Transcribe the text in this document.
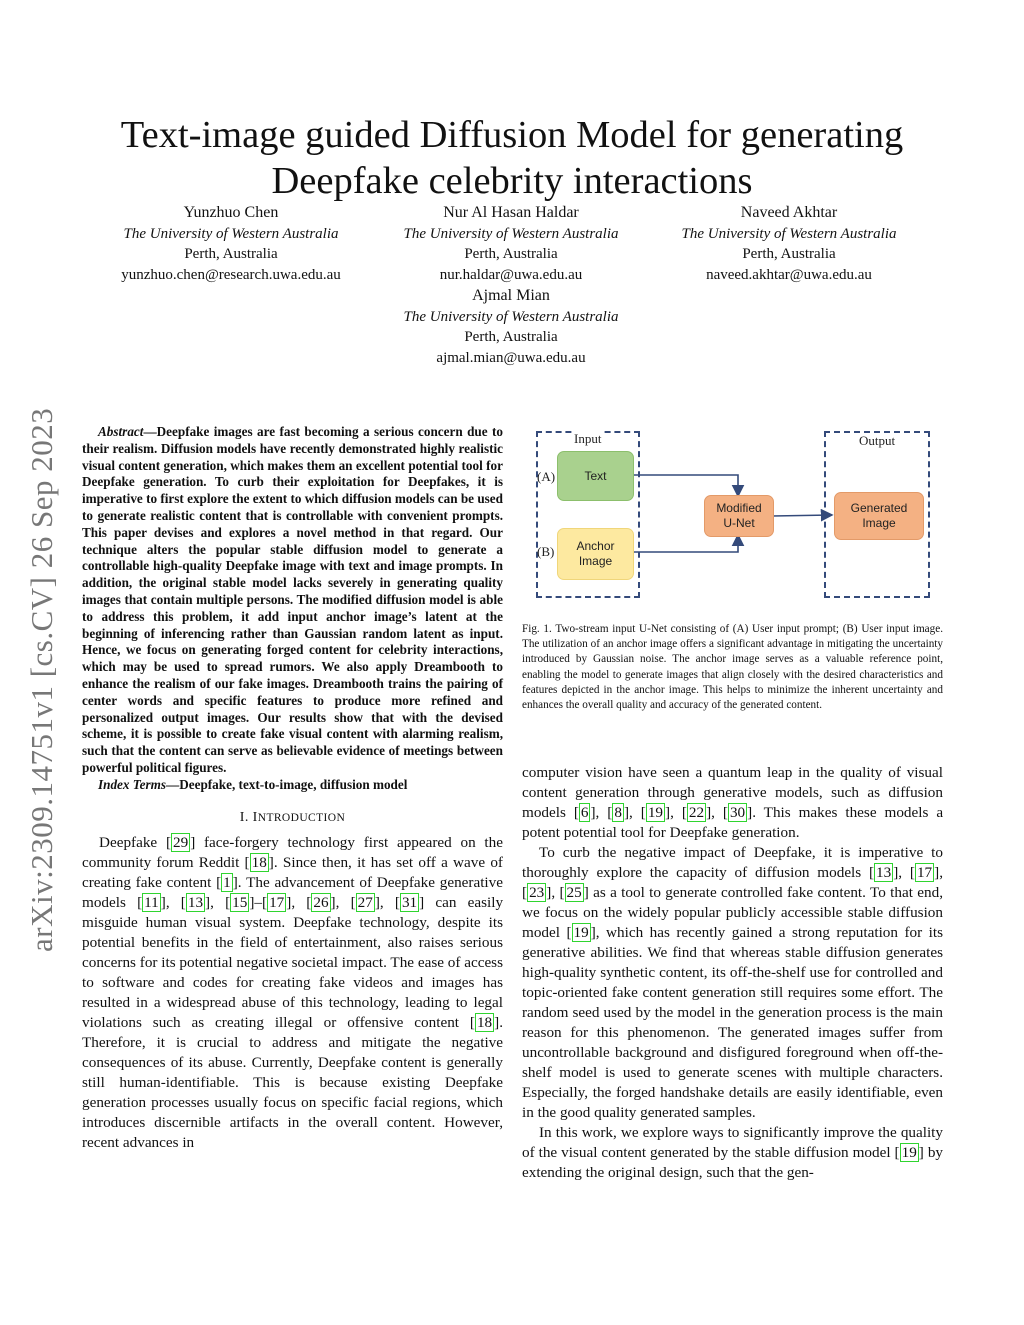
Text-image guided Diffusion Model for generating Deepfake celebrity interactions
Yunzhuo Chen
The University of Western Australia
Perth, Australia
yunzhuo.chen@research.uwa.edu.au
Nur Al Hasan Haldar
The University of Western Australia
Perth, Australia
nur.haldar@uwa.edu.au
Naveed Akhtar
The University of Western Australia
Perth, Australia
naveed.akhtar@uwa.edu.au
Ajmal Mian
The University of Western Australia
Perth, Australia
ajmal.mian@uwa.edu.au
arXiv:2309.14751v1 [cs.CV] 26 Sep 2023	Abstract—Deepfake images are fast becoming a serious concern due to their realism. Diffusion models have recently demonstrated highly realistic visual content generation, which makes them an excellent potential tool for Deepfake generation. To curb their exploitation for Deepfakes, it is imperative to first explore the extent to which diffusion models can be used to generate realistic content that is controllable with convenient prompts. This paper devises and explores a novel method in that regard. Our technique alters the popular stable diffusion model to generate a controllable high-quality Deepfake image with text and image prompts. In addition, the original stable model lacks severely in generating quality images that contain multiple persons. The modified diffusion model is able to address this problem, it add input anchor image’s latent at the beginning of inferencing rather than Gaussian random latent as input. Hence, we focus on generating forged content for celebrity interactions, which may be used to spread rumors. We also apply Dreambooth to enhance the realism of our fake images. Dreambooth trains the pairing of center words and specific features to produce more refined and personalized output images. Our results show that with the devised scheme, it is possible to create fake visual content with alarming realism, such that the content can serve as believable evidence of meetings between powerful political figures.

Index Terms—Deepfake, text-to-image, diffusion model

I. INTRODUCTION

Deepfake [ 29 ] face-forgery technology first appeared on the community forum Reddit [ 18 ]. Since then, it has set off a wave of creating fake content [ 1 ]. The advancement of Deepfake generative models [ 11 ], [ 13 ], [ 15 ]–[ 17 ], [ 26 ], [ 27 ], [ 31 ] can easily misguide human visual system. Deepfake technology, despite its potential benefits in the field of entertainment, also raises serious concerns for its potential negative societal impact. The ease of access to software and codes for creating fake videos and images has resulted in a widespread abuse of this technology, leading to legal violations such as creating illegal or offensive content [ 18 ]. Therefore, it is crucial to address and mitigate the negative consequences of its abuse. Currently, Deepfake content is generally still human-identifiable. This is because existing Deepfake generation processes usually focus on specific facial regions, which introduces discernible artifacts in the overall content. However, recent advances in

Input	Output
(A)
(B)
Text
Anchor
Image
Modified
U-Net
Generated
Image
Fig. 1. Two-stream input U-Net consisting of (A) User input prompt; (B) User input image. The utilization of an anchor image offers a significant advantage in mitigating the uncertainty introduced by Gaussian noise. The anchor image serves as a valuable reference point, enabling the model to generate images that align closely with the desired characteristics and features depicted in the anchor image. This helps to minimize the inherent uncertainty and enhances the overall quality and accuracy of the generated content.

computer vision have seen a quantum leap in the quality of visual content generation through generative models, such as diffusion models [ 6 ], [ 8 ], [ 19 ], [ 22 ], [ 30 ]. This makes these models a potent potential tool for Deepfake generation.

To curb the negative impact of Deepfake, it is imperative to thoroughly explore the capacity of diffusion models [ 13 ], [ 17 ], [ 23 ], [ 25 ] as a tool to generate controlled fake content. To that end, we focus on the widely popular publicly accessible stable diffusion model [ 19 ], which has recently gained a strong reputation for its generative abilities. We find that whereas stable diffusion generates high-quality synthetic content, its off-the-shelf use for controlled and topic-oriented fake content generation still requires some effort. The random seed used by the model in the generation process is the main reason for this phenomenon. The generated images suffer from uncontrollable background and disfigured foreground when off-the-shelf model is used to generate scenes with multiple characters. Especially, the forged handshake details are easily identifiable, even in the good quality generated samples.

In this work, we explore ways to significantly improve the quality of the visual content generated by the stable diffusion model [ 19 ] by extending the original design, such that the gen-
